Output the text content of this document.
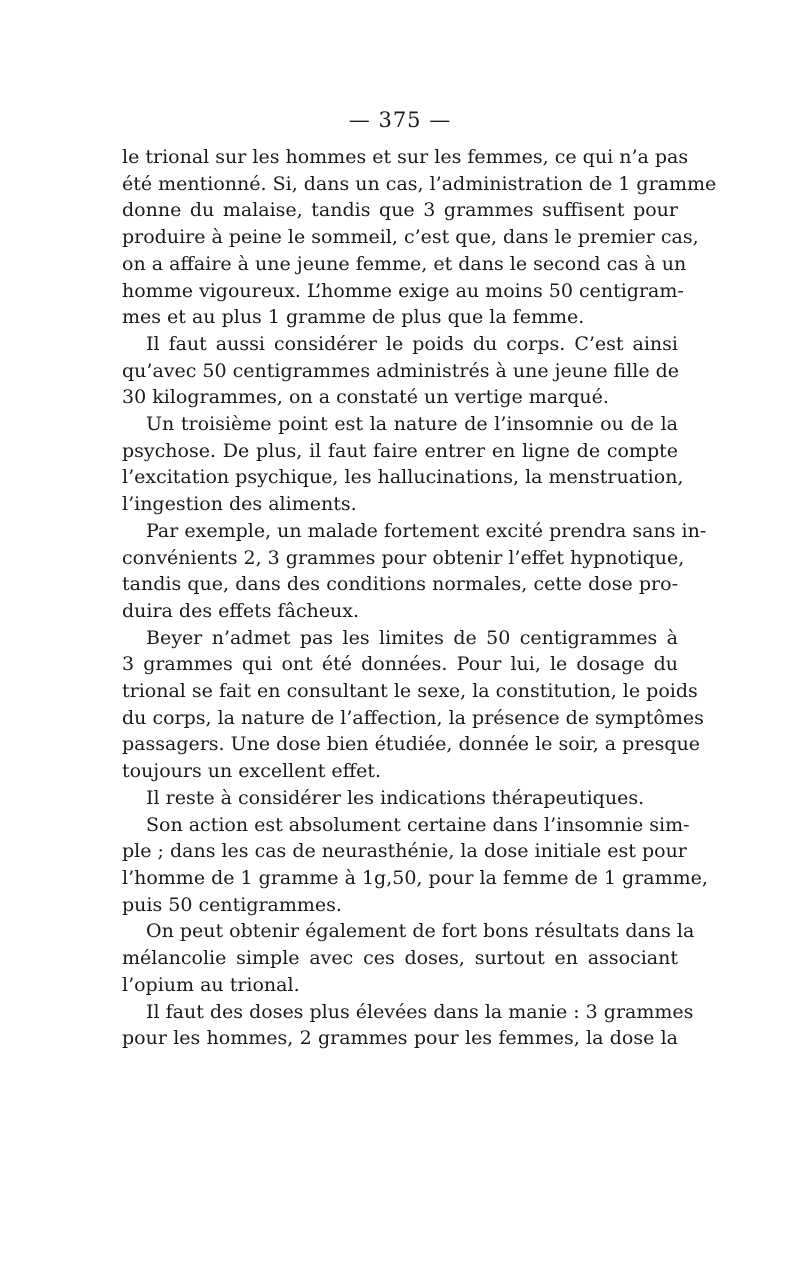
— 375 —
le trional sur les hommes et sur les femmes, ce qui n’a pas
été mentionné. Si, dans un cas, l’administration de 1 gramme
donne du malaise, tandis que 3 grammes suffisent pour
produire à peine le sommeil, c’est que, dans le premier cas,
on a affaire à une jeune femme, et dans le second cas à un
homme vigoureux. L’homme exige au moins 50 centigram-
mes et au plus 1 gramme de plus que la femme.
Il faut aussi considérer le poids du corps. C’est ainsi
qu’avec 50 centigrammes administrés à une jeune fille de
30 kilogrammes, on a constaté un vertige marqué.
Un troisième point est la nature de l’insomnie ou de la
psychose. De plus, il faut faire entrer en ligne de compte
l’excitation psychique, les hallucinations, la menstruation,
l’ingestion des aliments.
Par exemple, un malade fortement excité prendra sans in-
convénients 2, 3 grammes pour obtenir l’effet hypnotique,
tandis que, dans des conditions normales, cette dose pro-
duira des effets fâcheux.
Beyer n’admet pas les limites de 50 centigrammes à
3 grammes qui ont été données. Pour lui, le dosage du
trional se fait en consultant le sexe, la constitution, le poids
du corps, la nature de l’affection, la présence de symptômes
passagers. Une dose bien étudiée, donnée le soir, a presque
toujours un excellent effet.
Il reste à considérer les indications thérapeutiques.
Son action est absolument certaine dans l’insomnie sim-
ple ; dans les cas de neurasthénie, la dose initiale est pour
l’homme de 1 gramme à 1g,50, pour la femme de 1 gramme,
puis 50 centigrammes.
On peut obtenir également de fort bons résultats dans la
mélancolie simple avec ces doses, surtout en associant
l’opium au trional.
Il faut des doses plus élevées dans la manie : 3 grammes
pour les hommes, 2 grammes pour les femmes, la dose la
